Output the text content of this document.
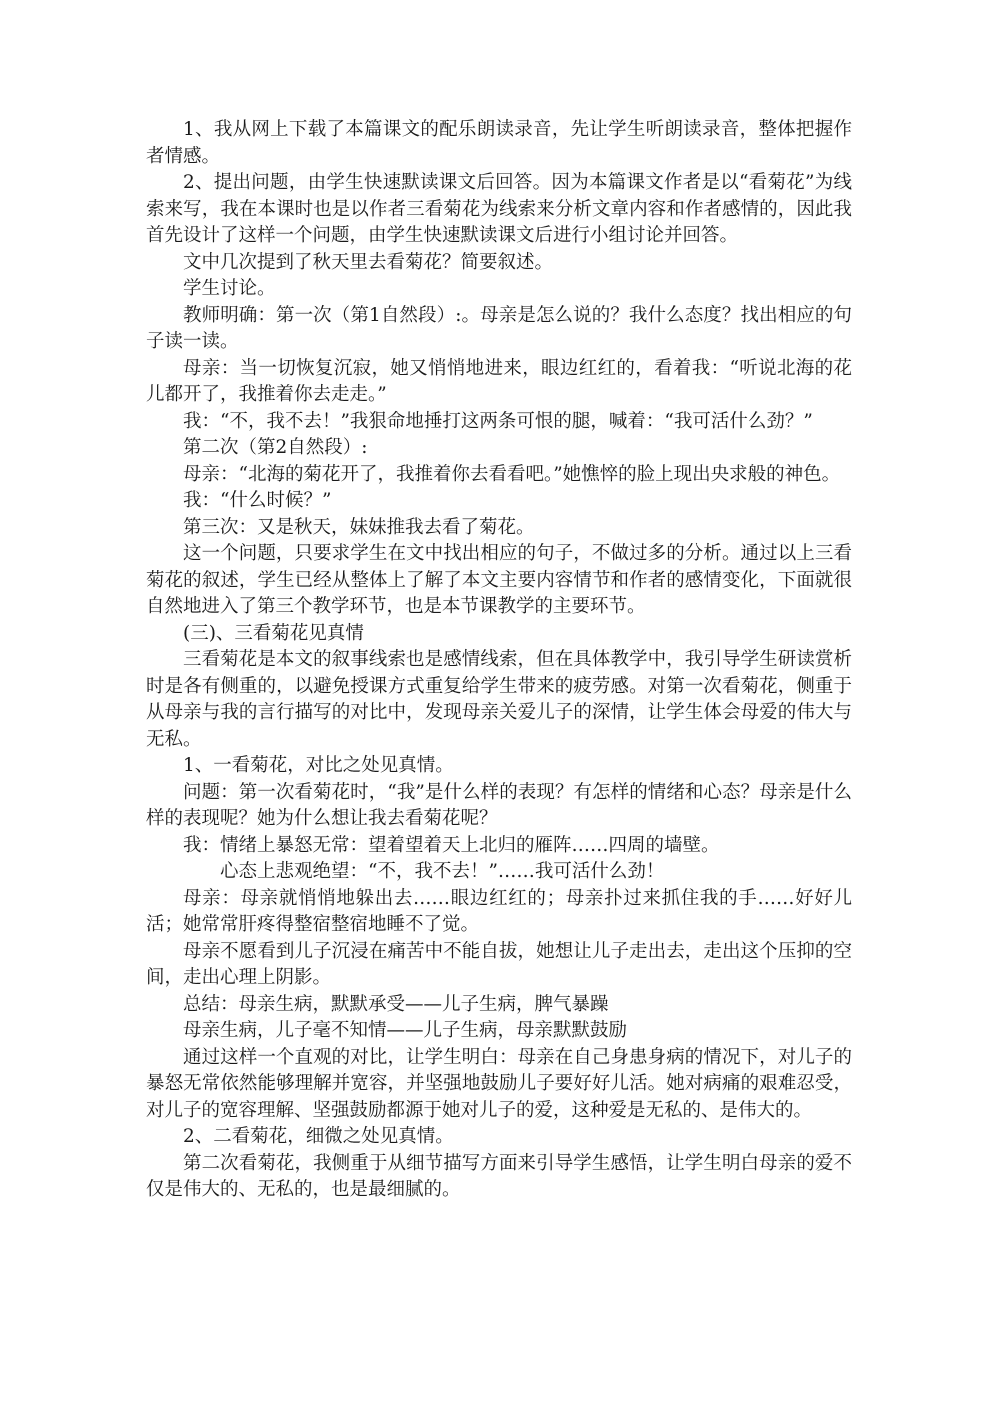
1、我从网上下载了本篇课文的配乐朗读录音，先让学生听朗读录音，整体把握作者情感。

2、提出问题，由学生快速默读课文后回答。因为本篇课文作者是以“看菊花”为线索来写，我在本课时也是以作者三看菊花为线索来分析文章内容和作者感情的，因此我首先设计了这样一个问题，由学生快速默读课文后进行小组讨论并回答。

文中几次提到了秋天里去看菊花？简要叙述。

学生讨论。

教师明确：第一次（第1自然段）:。母亲是怎么说的？我什么态度？找出相应的句子读一读。

母亲：当一切恢复沉寂，她又悄悄地进来，眼边红红的，看着我：“听说北海的花儿都开了，我推着你去走走。”

我：“不，我不去！”我狠命地捶打这两条可恨的腿，喊着：“我可活什么劲？”

第二次（第2自然段）:

母亲：“北海的菊花开了，我推着你去看看吧。”她憔悴的脸上现出央求般的神色。

我：“什么时候？”

第三次：又是秋天，妹妹推我去看了菊花。

这一个问题，只要求学生在文中找出相应的句子，不做过多的分析。通过以上三看菊花的叙述，学生已经从整体上了解了本文主要内容情节和作者的感情变化，下面就很自然地进入了第三个教学环节，也是本节课教学的主要环节。

(三)、三看菊花见真情

三看菊花是本文的叙事线索也是感情线索，但在具体教学中，我引导学生研读赏析时是各有侧重的，以避免授课方式重复给学生带来的疲劳感。对第一次看菊花，侧重于从母亲与我的言行描写的对比中，发现母亲关爱儿子的深情，让学生体会母爱的伟大与无私。

1、一看菊花，对比之处见真情。

问题：第一次看菊花时，“我”是什么样的表现？有怎样的情绪和心态？母亲是什么样的表现呢？她为什么想让我去看菊花呢？

我：情绪上暴怒无常：望着望着天上北归的雁阵……四周的墙壁。

心态上悲观绝望：“不，我不去！”……我可活什么劲！

母亲：母亲就悄悄地躲出去……眼边红红的；母亲扑过来抓住我的手……好好儿活；她常常肝疼得整宿整宿地睡不了觉。

母亲不愿看到儿子沉浸在痛苦中不能自拔，她想让儿子走出去，走出这个压抑的空间，走出心理上阴影。

总结：母亲生病，默默承受——儿子生病，脾气暴躁

母亲生病，儿子毫不知情——儿子生病，母亲默默鼓励

通过这样一个直观的对比，让学生明白：母亲在自己身患身病的情况下，对儿子的暴怒无常依然能够理解并宽容，并坚强地鼓励儿子要好好儿活。她对病痛的艰难忍受，对儿子的宽容理解、坚强鼓励都源于她对儿子的爱，这种爱是无私的、是伟大的。

2、二看菊花，细微之处见真情。

第二次看菊花，我侧重于从细节描写方面来引导学生感悟，让学生明白母亲的爱不仅是伟大的、无私的，也是最细腻的。
